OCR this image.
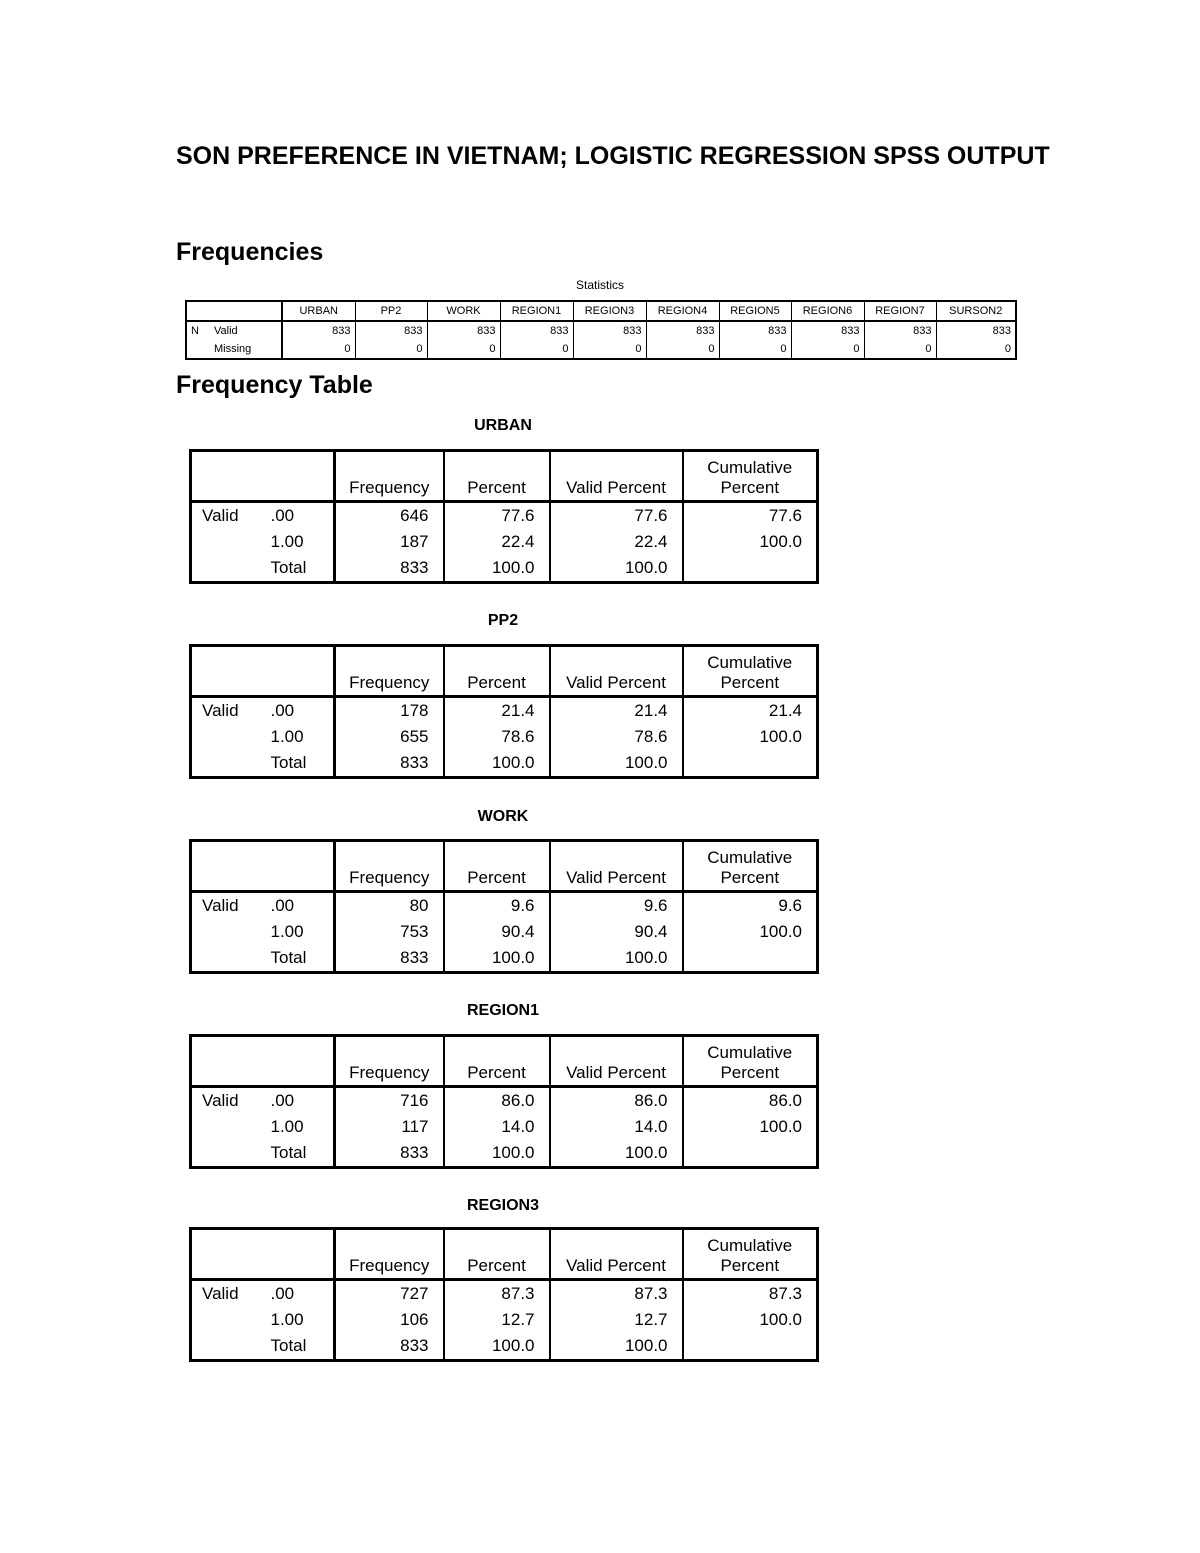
SON PREFERENCE IN VIETNAM; LOGISTIC REGRESSION SPSS OUTPUT
Frequencies
Statistics
		URBAN	PP2	WORK	REGION1	REGION3	REGION4	REGION5	REGION6	REGION7	SURSON2
N	Valid	833	833	833	833	833	833	833	833	833	833
	Missing	0	0	0	0	0	0	0	0	0	0
Frequency Table
URBAN
		Frequency	Percent	Valid Percent	Cumulative
Percent
Valid	.00	646	77.6	77.6	77.6
	1.00	187	22.4	22.4	100.0
	Total	833	100.0	100.0	
PP2
		Frequency	Percent	Valid Percent	Cumulative
Percent
Valid	.00	178	21.4	21.4	21.4
	1.00	655	78.6	78.6	100.0
	Total	833	100.0	100.0	
WORK
		Frequency	Percent	Valid Percent	Cumulative
Percent
Valid	.00	80	9.6	9.6	9.6
	1.00	753	90.4	90.4	100.0
	Total	833	100.0	100.0	
REGION1
		Frequency	Percent	Valid Percent	Cumulative
Percent
Valid	.00	716	86.0	86.0	86.0
	1.00	117	14.0	14.0	100.0
	Total	833	100.0	100.0	
REGION3
		Frequency	Percent	Valid Percent	Cumulative
Percent
Valid	.00	727	87.3	87.3	87.3
	1.00	106	12.7	12.7	100.0
	Total	833	100.0	100.0	
